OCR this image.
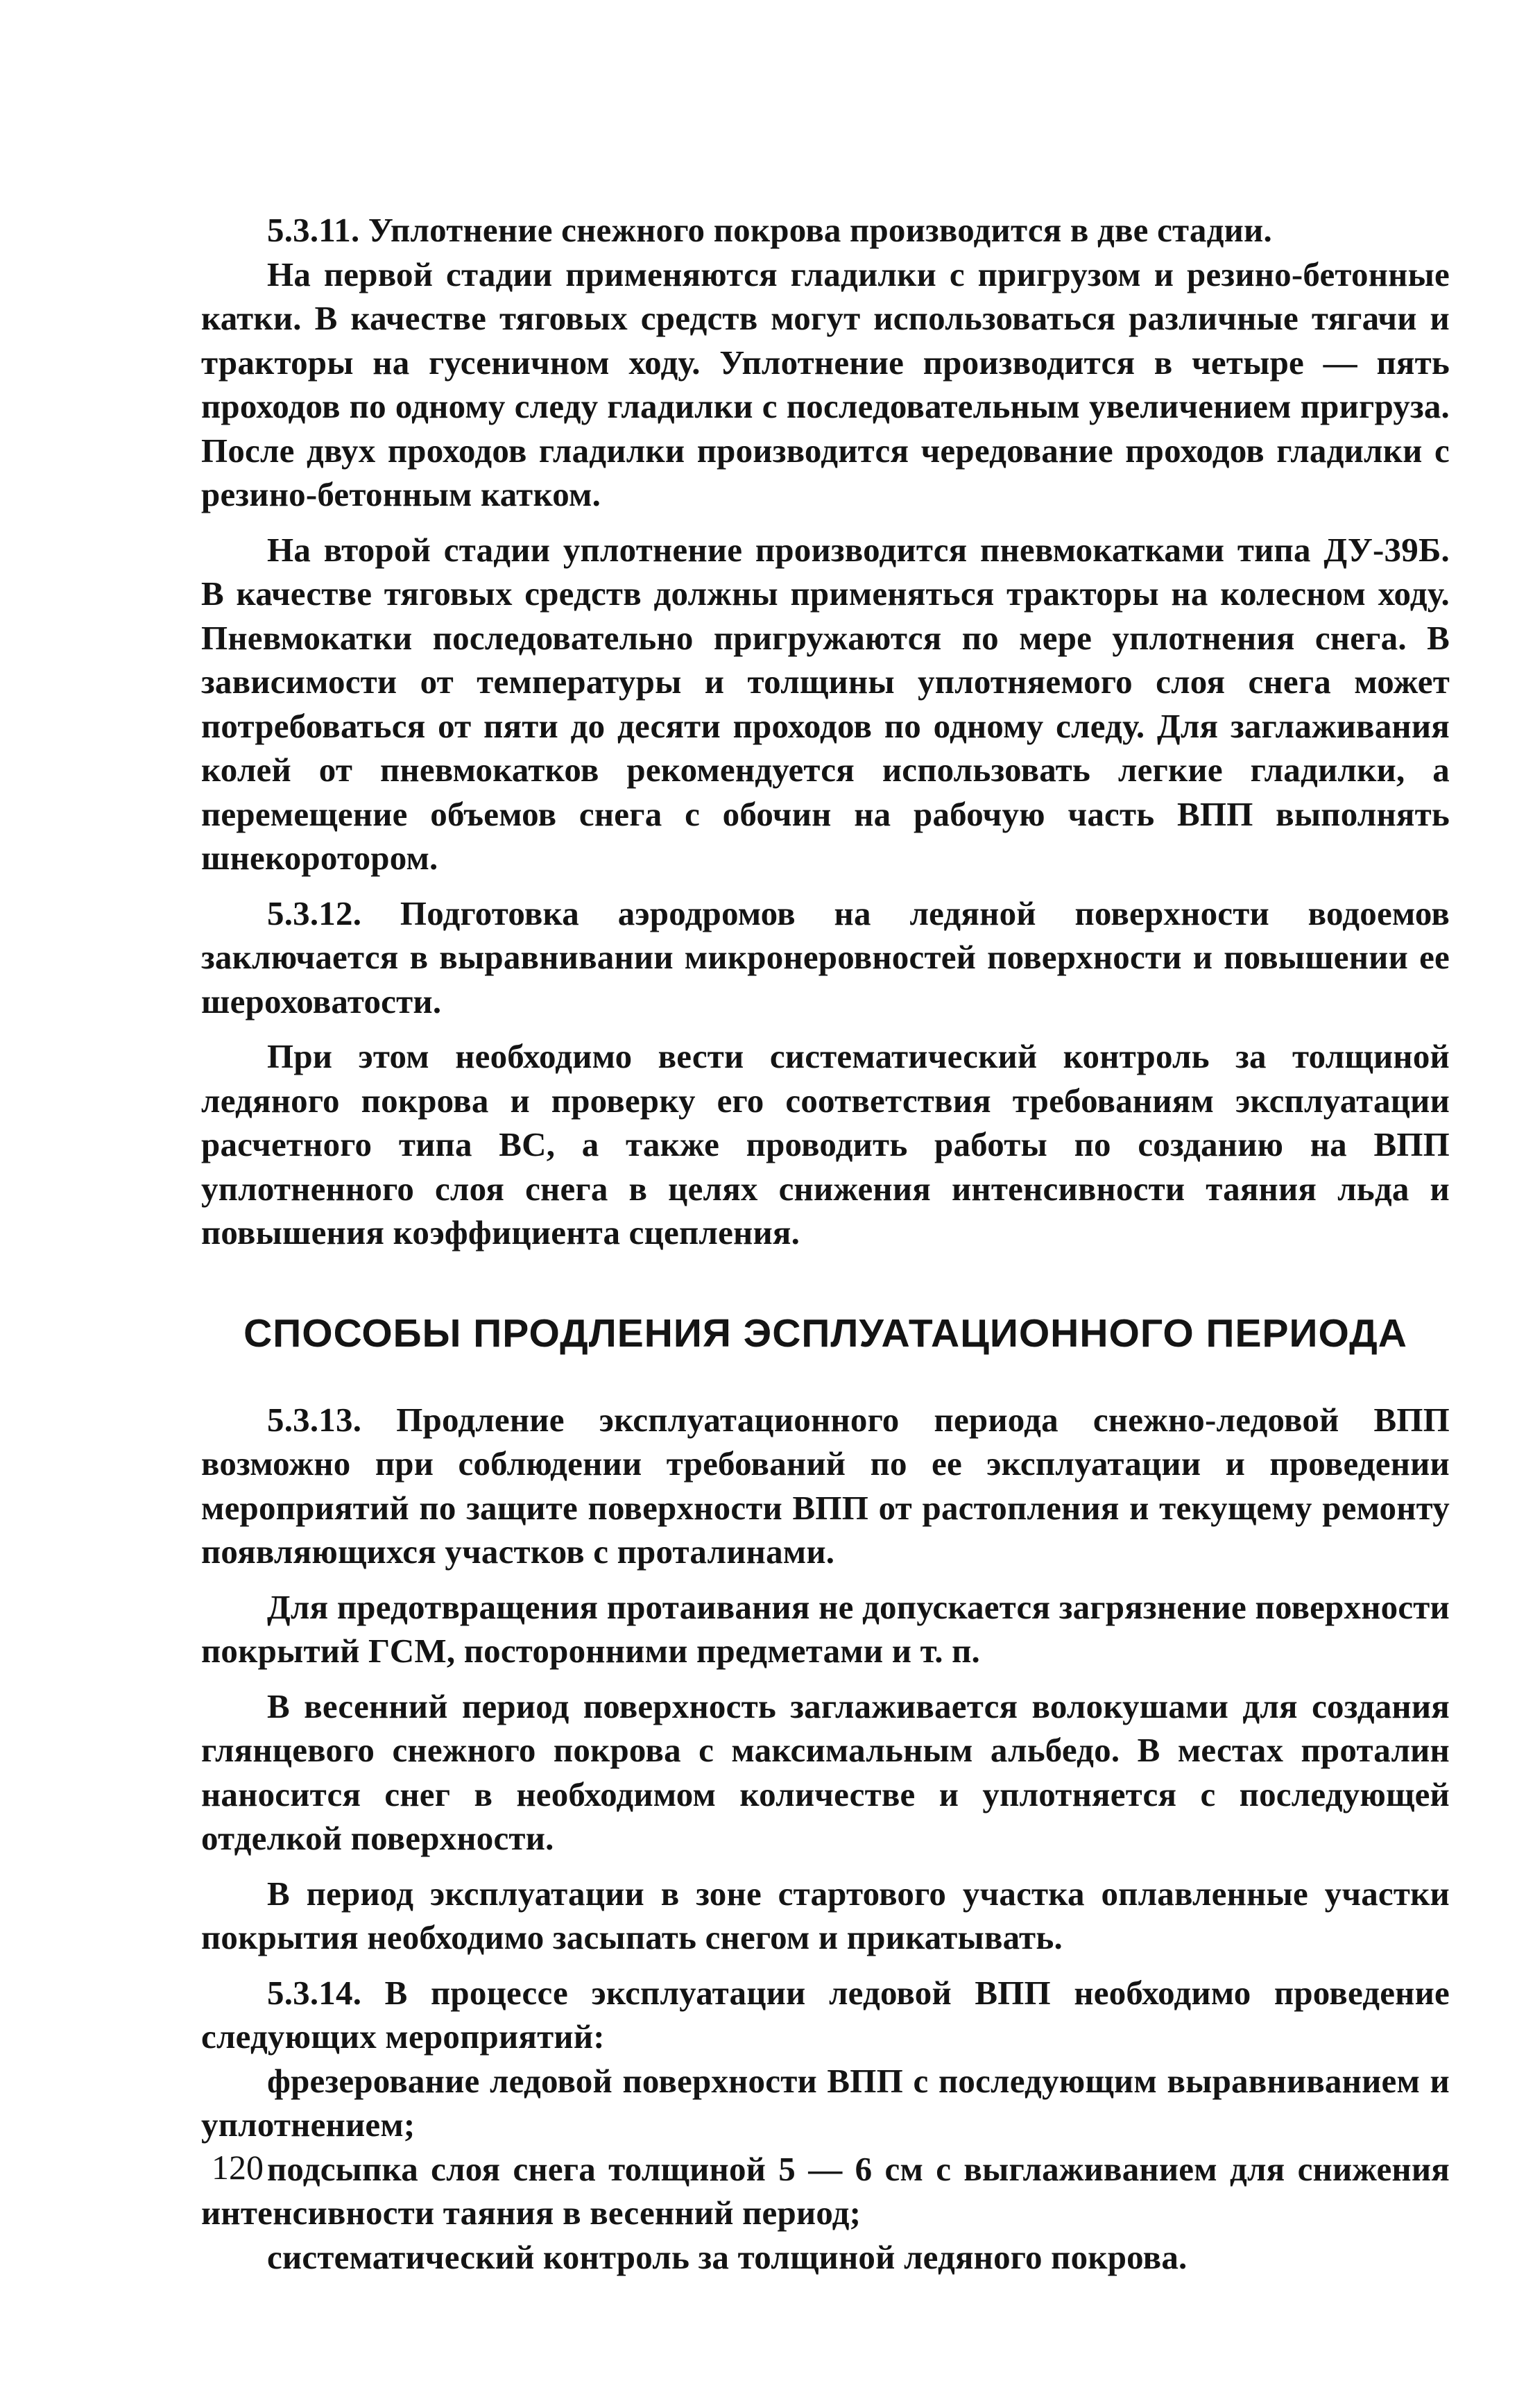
5.3.11. Уплотнение снежного покрова производится в две стадии.

На первой стадии применяются гладилки с пригрузом и резино-бетонные катки. В качестве тяговых средств могут использоваться различные тягачи и тракторы на гусеничном ходу. Уплотнение производится в четыре — пять проходов по одному следу гладилки с последовательным увеличением пригруза. После двух проходов гладилки производится чередование проходов гладилки с резино-бетонным катком.

На второй стадии уплотнение производится пневмокатками типа ДУ-39Б. В качестве тяговых средств должны применяться тракторы на колесном ходу. Пневмокатки последовательно пригружаются по мере уплотнения снега. В зависимости от температуры и толщины уплотняемого слоя снега может потребоваться от пяти до десяти проходов по одному следу. Для заглаживания колей от пневмокатков рекомендуется использовать легкие гладилки, а перемещение объемов снега с обочин на рабочую часть ВПП выполнять шнекоротором.

5.3.12. Подготовка аэродромов на ледяной поверхности водоемов заключается в выравнивании микронеровностей поверхности и повышении ее шероховатости.

При этом необходимо вести систематический контроль за толщиной ледяного покрова и проверку его соответствия требованиям эксплуатации расчетного типа ВС, а также проводить работы по созданию на ВПП уплотненного слоя снега в целях снижения интенсивности таяния льда и повышения коэффициента сцепления.

СПОСОБЫ ПРОДЛЕНИЯ ЭСПЛУАТАЦИОННОГО ПЕРИОДА

5.3.13. Продление эксплуатационного периода снежно-ледовой ВПП возможно при соблюдении требований по ее эксплуатации и проведении мероприятий по защите поверхности ВПП от растопления и текущему ремонту появляющихся участков с проталинами.

Для предотвращения протаивания не допускается загрязнение поверхности покрытий ГСМ, посторонними предметами и т. п.

В весенний период поверхность заглаживается волокушами для создания глянцевого снежного покрова с максимальным альбедо. В местах проталин наносится снег в необходимом количестве и уплотняется с последующей отделкой поверхности.

В период эксплуатации в зоне стартового участка оплавленные участки покрытия необходимо засыпать снегом и прикатывать.

5.3.14. В процессе эксплуатации ледовой ВПП необходимо проведение следующих мероприятий:

фрезерование ледовой поверхности ВПП с последующим выравниванием и уплотнением;

подсыпка слоя снега толщиной 5 — 6 см с выглаживанием для снижения интенсивности таяния в весенний период;

систематический контроль за толщиной ледяного покрова.

120
